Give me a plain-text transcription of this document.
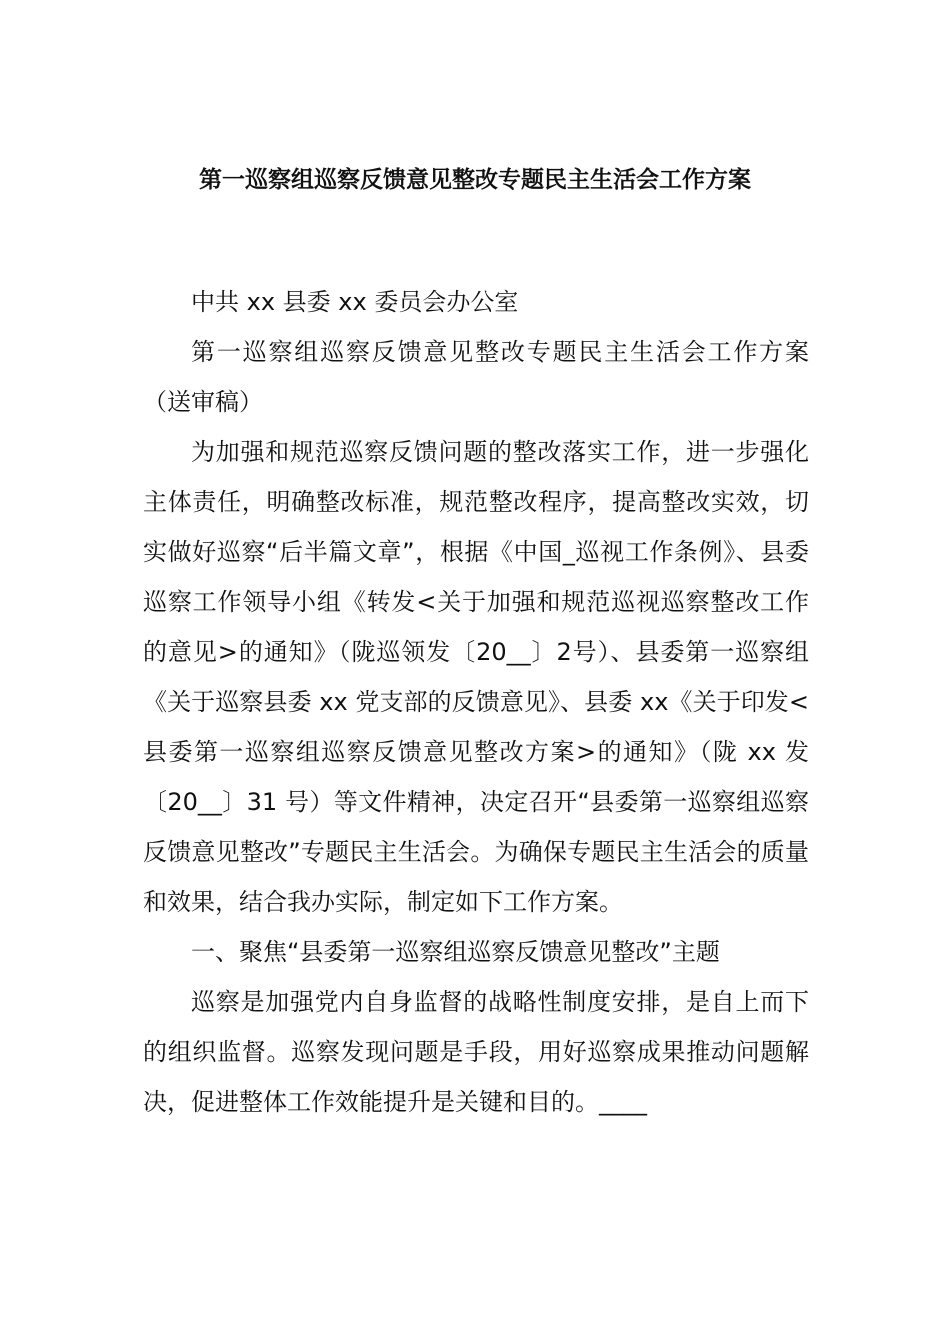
第一巡察组巡察反馈意见整改专题民主生活会工作方案

中共 xx 县委 xx 委员会办公室

第一巡察组巡察反馈意见整改专题民主生活会工作方案（送审稿）

为加强和规范巡察反馈问题的整改落实工作，进一步强化主体责任，明确整改标准，规范整改程序，提高整改实效，切实做好巡察“后半篇文章”，根据《中国_巡视工作条例》、县委巡察工作领导小组《转发<关于加强和规范巡视巡察整改工作的意见>的通知》（陇巡领发〔20__〕2号）、县委第一巡察组《关于巡察县委 xx 党支部的反馈意见》、县委 xx《关于印发<县委第一巡察组巡察反馈意见整改方案>的通知》（陇 xx 发〔20__〕31 号）等文件精神，决定召开“县委第一巡察组巡察反馈意见整改”专题民主生活会。为确保专题民主生活会的质量和效果，结合我办实际，制定如下工作方案。

一、聚焦“县委第一巡察组巡察反馈意见整改”主题

巡察是加强党内自身监督的战略性制度安排，是自上而下的组织监督。巡察发现问题是手段，用好巡察成果推动问题解决，促进整体工作效能提升是关键和目的。____
